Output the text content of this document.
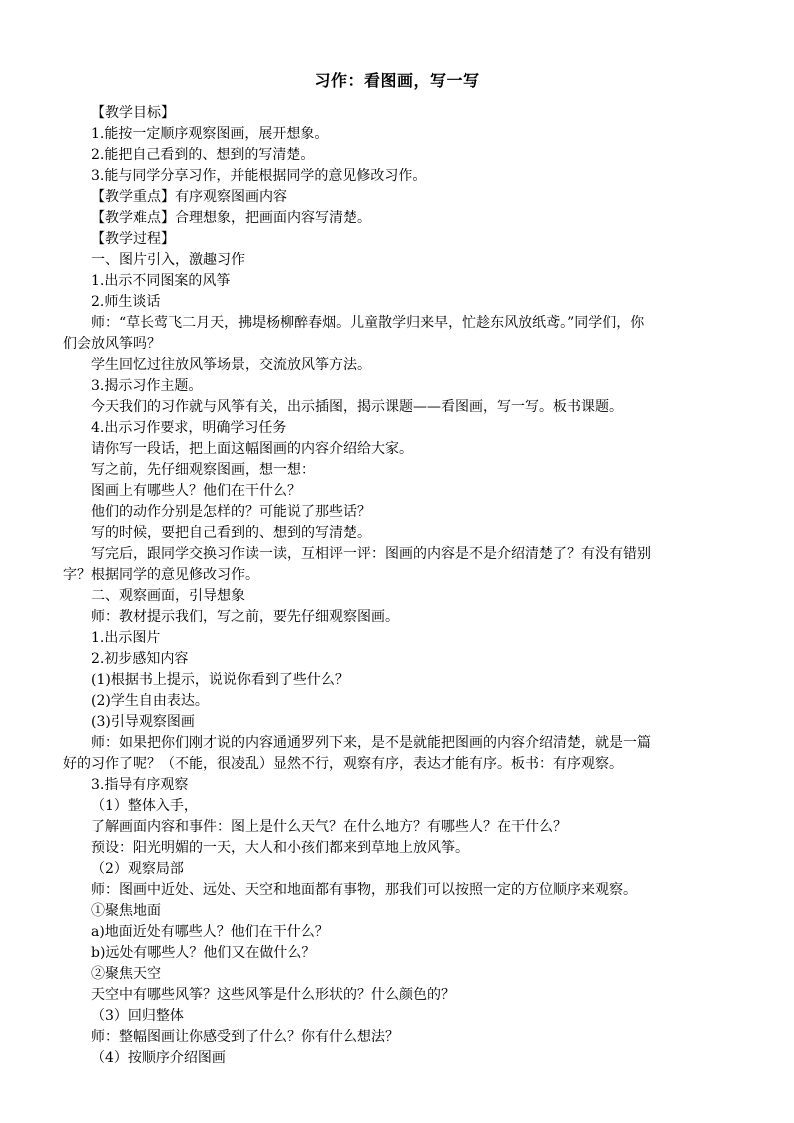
习作：看图画，写一写
【教学目标】
1.能按一定顺序观察图画，展开想象。
2.能把自己看到的、想到的写清楚。
3.能与同学分享习作，并能根据同学的意见修改习作。
【教学重点】有序观察图画内容
【教学难点】合理想象，把画面内容写清楚。
【教学过程】
一、图片引入，激趣习作
1.出示不同图案的风筝
2.师生谈话
师：“草长莺飞二月天，拂堤杨柳醉春烟。儿童散学归来早，忙趁东风放纸鸢。”同学们，你
们会放风筝吗？
学生回忆过往放风筝场景，交流放风筝方法。
3.揭示习作主题。
今天我们的习作就与风筝有关，出示插图，揭示课题——看图画，写一写。板书课题。
4.出示习作要求，明确学习任务
请你写一段话，把上面这幅图画的内容介绍给大家。
写之前，先仔细观察图画，想一想：
图画上有哪些人？他们在干什么？
他们的动作分别是怎样的？可能说了那些话？
写的时候，要把自己看到的、想到的写清楚。
写完后，跟同学交换习作读一读，互相评一评：图画的内容是不是介绍清楚了？有没有错别
字？根据同学的意见修改习作。
二、观察画面，引导想象
师：教材提示我们，写之前，要先仔细观察图画。
1.出示图片
2.初步感知内容
(1)根据书上提示，说说你看到了些什么？
(2)学生自由表达。
(3)引导观察图画
师：如果把你们刚才说的内容通通罗列下来，是不是就能把图画的内容介绍清楚，就是一篇
好的习作了呢？（不能，很凌乱）显然不行，观察有序，表达才能有序。板书：有序观察。
3.指导有序观察
（1）整体入手，
了解画面内容和事件：图上是什么天气？在什么地方？有哪些人？在干什么？
预设：阳光明媚的一天，大人和小孩们都来到草地上放风筝。
（2）观察局部
师：图画中近处、远处、天空和地面都有事物，那我们可以按照一定的方位顺序来观察。
①聚焦地面
a)地面近处有哪些人？他们在干什么？
b)远处有哪些人？他们又在做什么？
②聚焦天空
天空中有哪些风筝？这些风筝是什么形状的？什么颜色的？
（3）回归整体
师：整幅图画让你感受到了什么？你有什么想法？
（4）按顺序介绍图画
